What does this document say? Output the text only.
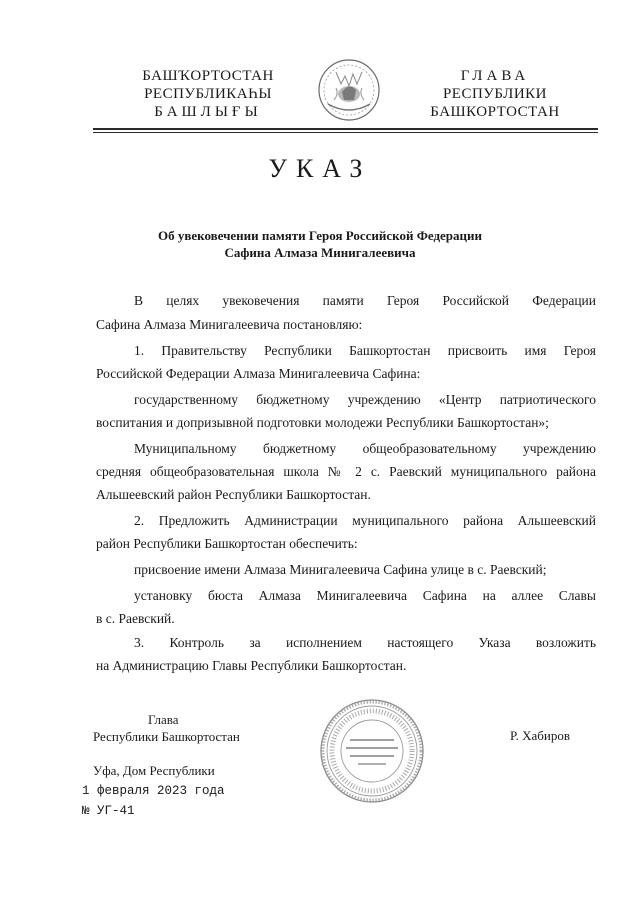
БАШҠОРТОСТАН
РЕСПУБЛИКАҺЫ
БАШЛЫҒЫ
ГЛАВА
РЕСПУБЛИКИ
БАШКОРТОСТАН
УКАЗ
Об увековечении памяти Героя Российской Федерации
Сафина Алмаза Минигалеевича
В целях увековечения памяти Героя Российской Федерации
Сафина Алмаза Минигалеевича постановляю:
1. Правительству Республики Башкортостан присвоить имя Героя
Российской Федерации Алмаза Минигалеевича Сафина:
государственному бюджетному учреждению «Центр патриотического
воспитания и допризывной подготовки молодежи Республики Башкортостан»;
Муниципальному бюджетному общеобразовательному учреждению
средняя общеобразовательная школа № 2 с. Раевский муниципального района
Альшеевский район Республики Башкортостан.
2. Предложить Администрации муниципального района Альшеевский
район Республики Башкортостан обеспечить:
присвоение имени Алмаза Минигалеевича Сафина улице в с. Раевский;
установку бюста Алмаза Минигалеевича Сафина на аллее Славы
в с. Раевский.
3. Контроль за исполнением настоящего Указа возложить
на Администрацию Главы Республики Башкортостан.
Глава
Республики Башкортостан	Р. Хабиров
Уфа, Дом Республики
1 февраля 2023 года
№ УГ-41
